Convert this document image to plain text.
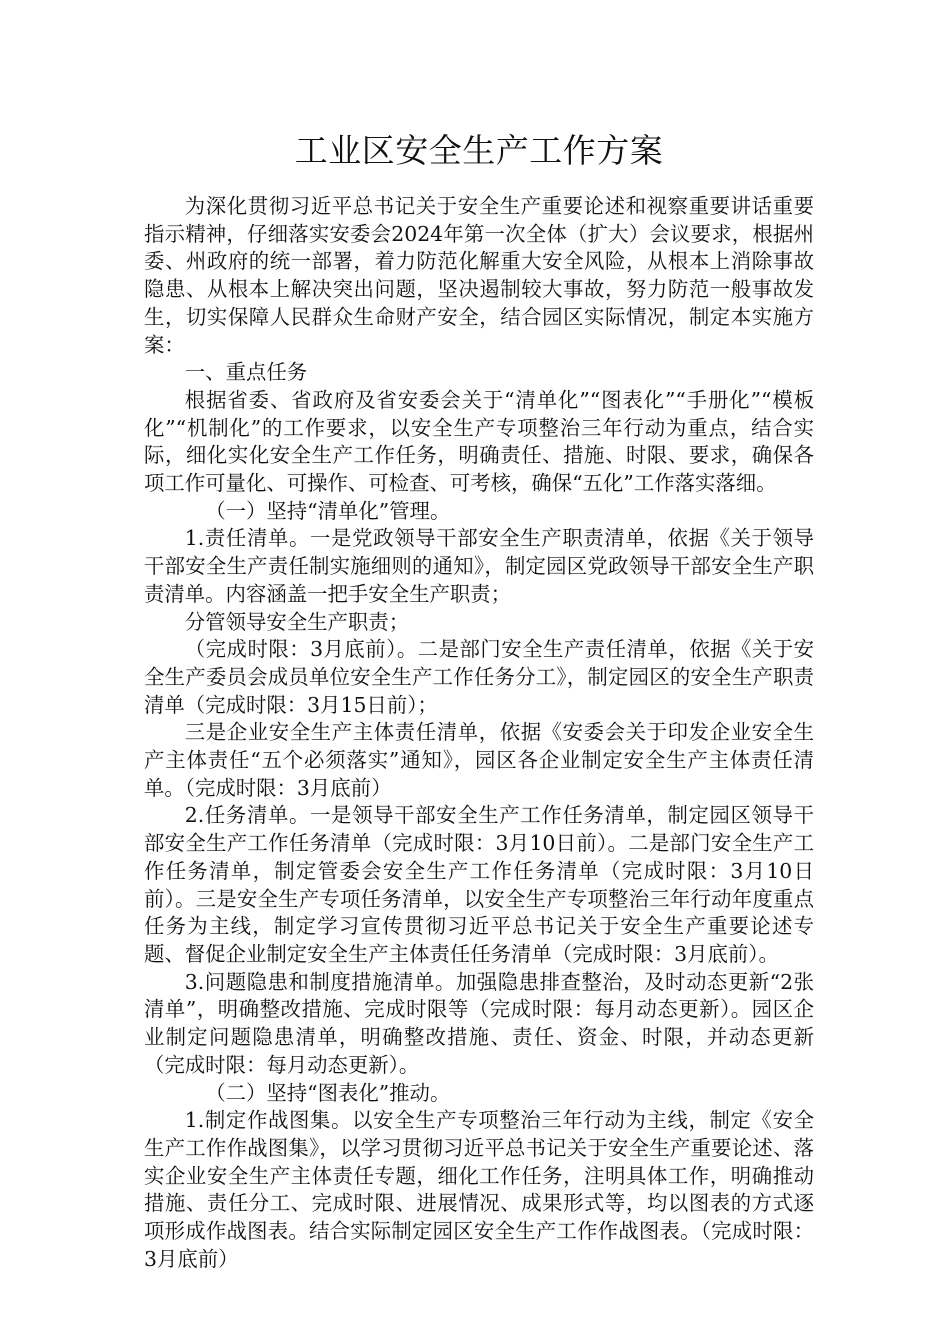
工业区安全生产工作方案

为深化贯彻习近平总书记关于安全生产重要论述和视察重要讲话重要指示精神，仔细落实安委会2024年第一次全体（扩大）会议要求，根据州委、州政府的统一部署，着力防范化解重大安全风险，从根本上消除事故隐患、从根本上解决突出问题，坚决遏制较大事故，努力防范一般事故发生，切实保障人民群众生命财产安全，结合园区实际情况，制定本实施方案：

一、重点任务

根据省委、省政府及省安委会关于“清单化”“图表化”“手册化”“模板化”“机制化”的工作要求，以安全生产专项整治三年行动为重点，结合实际，细化实化安全生产工作任务，明确责任、措施、时限、要求，确保各项工作可量化、可操作、可检查、可考核，确保“五化”工作落实落细。

（一）坚持“清单化”管理。

1.责任清单。一是党政领导干部安全生产职责清单，依据《关于领导干部安全生产责任制实施细则的通知》，制定园区党政领导干部安全生产职责清单。内容涵盖一把手安全生产职责；

分管领导安全生产职责；

（完成时限：3月底前）。二是部门安全生产责任清单，依据《关于安全生产委员会成员单位安全生产工作任务分工》，制定园区的安全生产职责清单（完成时限：3月15日前）；

三是企业安全生产主体责任清单，依据《安委会关于印发企业安全生产主体责任“五个必须落实”通知》，园区各企业制定安全生产主体责任清单。（完成时限：3月底前）

2.任务清单。一是领导干部安全生产工作任务清单，制定园区领导干部安全生产工作任务清单（完成时限：3月10日前）。二是部门安全生产工作任务清单，制定管委会安全生产工作任务清单（完成时限：3月10日前）。三是安全生产专项任务清单，以安全生产专项整治三年行动年度重点任务为主线，制定学习宣传贯彻习近平总书记关于安全生产重要论述专题、督促企业制定安全生产主体责任任务清单（完成时限：3月底前）。

3.问题隐患和制度措施清单。加强隐患排查整治，及时动态更新“2张清单”，明确整改措施、完成时限等（完成时限：每月动态更新）。园区企业制定问题隐患清单，明确整改措施、责任、资金、时限，并动态更新（完成时限：每月动态更新）。

（二）坚持“图表化”推动。

1.制定作战图集。以安全生产专项整治三年行动为主线，制定《安全生产工作作战图集》，以学习贯彻习近平总书记关于安全生产重要论述、落实企业安全生产主体责任专题，细化工作任务，注明具体工作，明确推动措施、责任分工、完成时限、进展情况、成果形式等，均以图表的方式逐项形成作战图表。结合实际制定园区安全生产工作作战图表。（完成时限：3月底前）
